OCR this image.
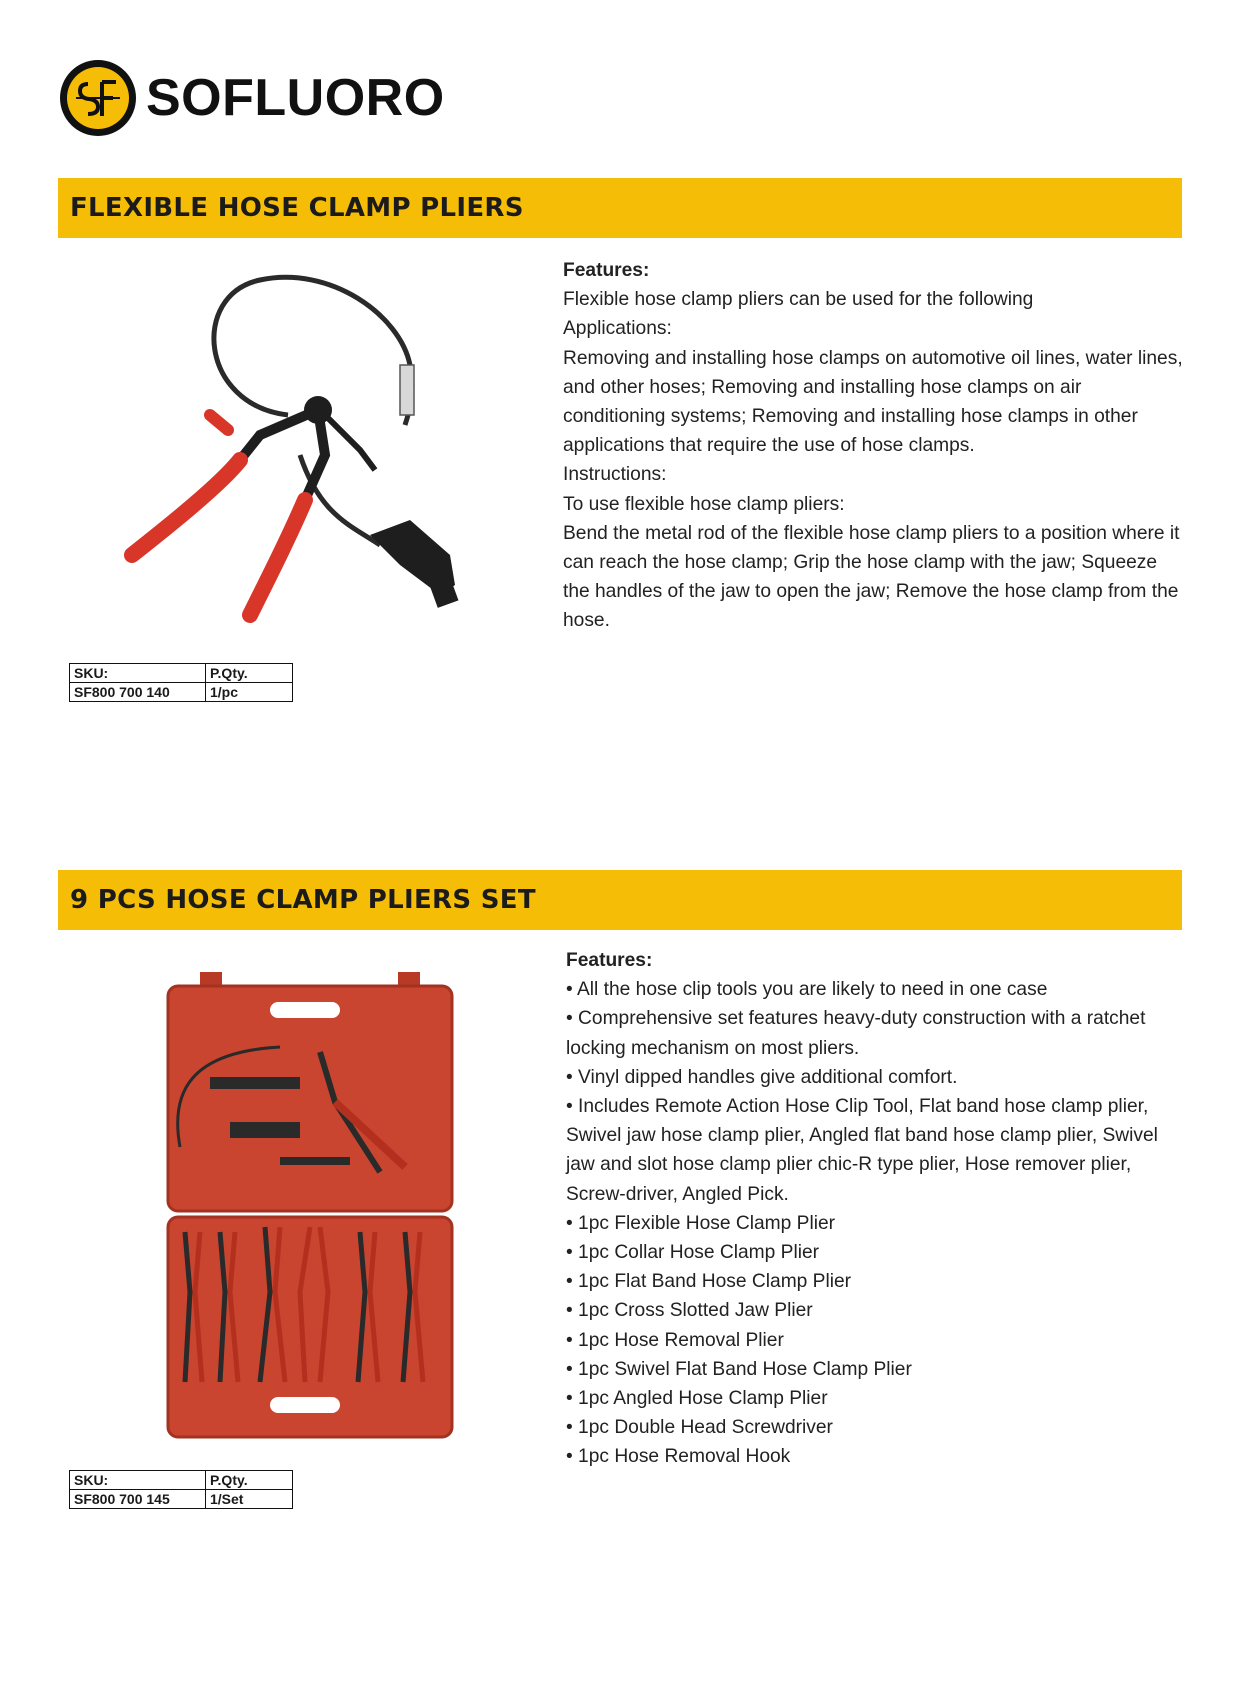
SOFLUORO
FLEXIBLE HOSE CLAMP PLIERS
Features:

Flexible hose clamp pliers can be used for the following

Applications:

Removing and installing hose clamps on automotive oil lines, water lines, and other hoses; Removing and installing hose clamps on air conditioning systems; Removing and installing hose clamps in other applications that require the use of hose clamps.

Instructions:

To use flexible hose clamp pliers:

Bend the metal rod of the flexible hose clamp pliers to a position where it can reach the hose clamp; Grip the hose clamp with the jaw; Squeeze the handles of the jaw to open the jaw; Remove the hose clamp from the hose.

SKU:	P.Qty.
SF800 700 140	1/pc
9 PCS HOSE CLAMP PLIERS SET
Features:
• All the hose clip tools you are likely to need in one case
• Comprehensive set features heavy-duty construction with a ratchet locking mechanism on most pliers.
• Vinyl dipped handles give additional comfort.
• Includes Remote Action Hose Clip Tool, Flat band hose clamp plier, Swivel jaw hose clamp plier, Angled flat band hose clamp plier, Swivel jaw and slot hose clamp plier chic-R type plier, Hose remover plier, Screw-driver, Angled Pick.
• 1pc Flexible Hose Clamp Plier
• 1pc Collar Hose Clamp Plier
• 1pc Flat Band Hose Clamp Plier
• 1pc Cross Slotted Jaw Plier
• 1pc Hose Removal Plier
• 1pc Swivel Flat Band Hose Clamp Plier
• 1pc Angled Hose Clamp Plier
• 1pc Double Head Screwdriver
• 1pc Hose Removal Hook
SKU:	P.Qty.
SF800 700 145	1/Set
